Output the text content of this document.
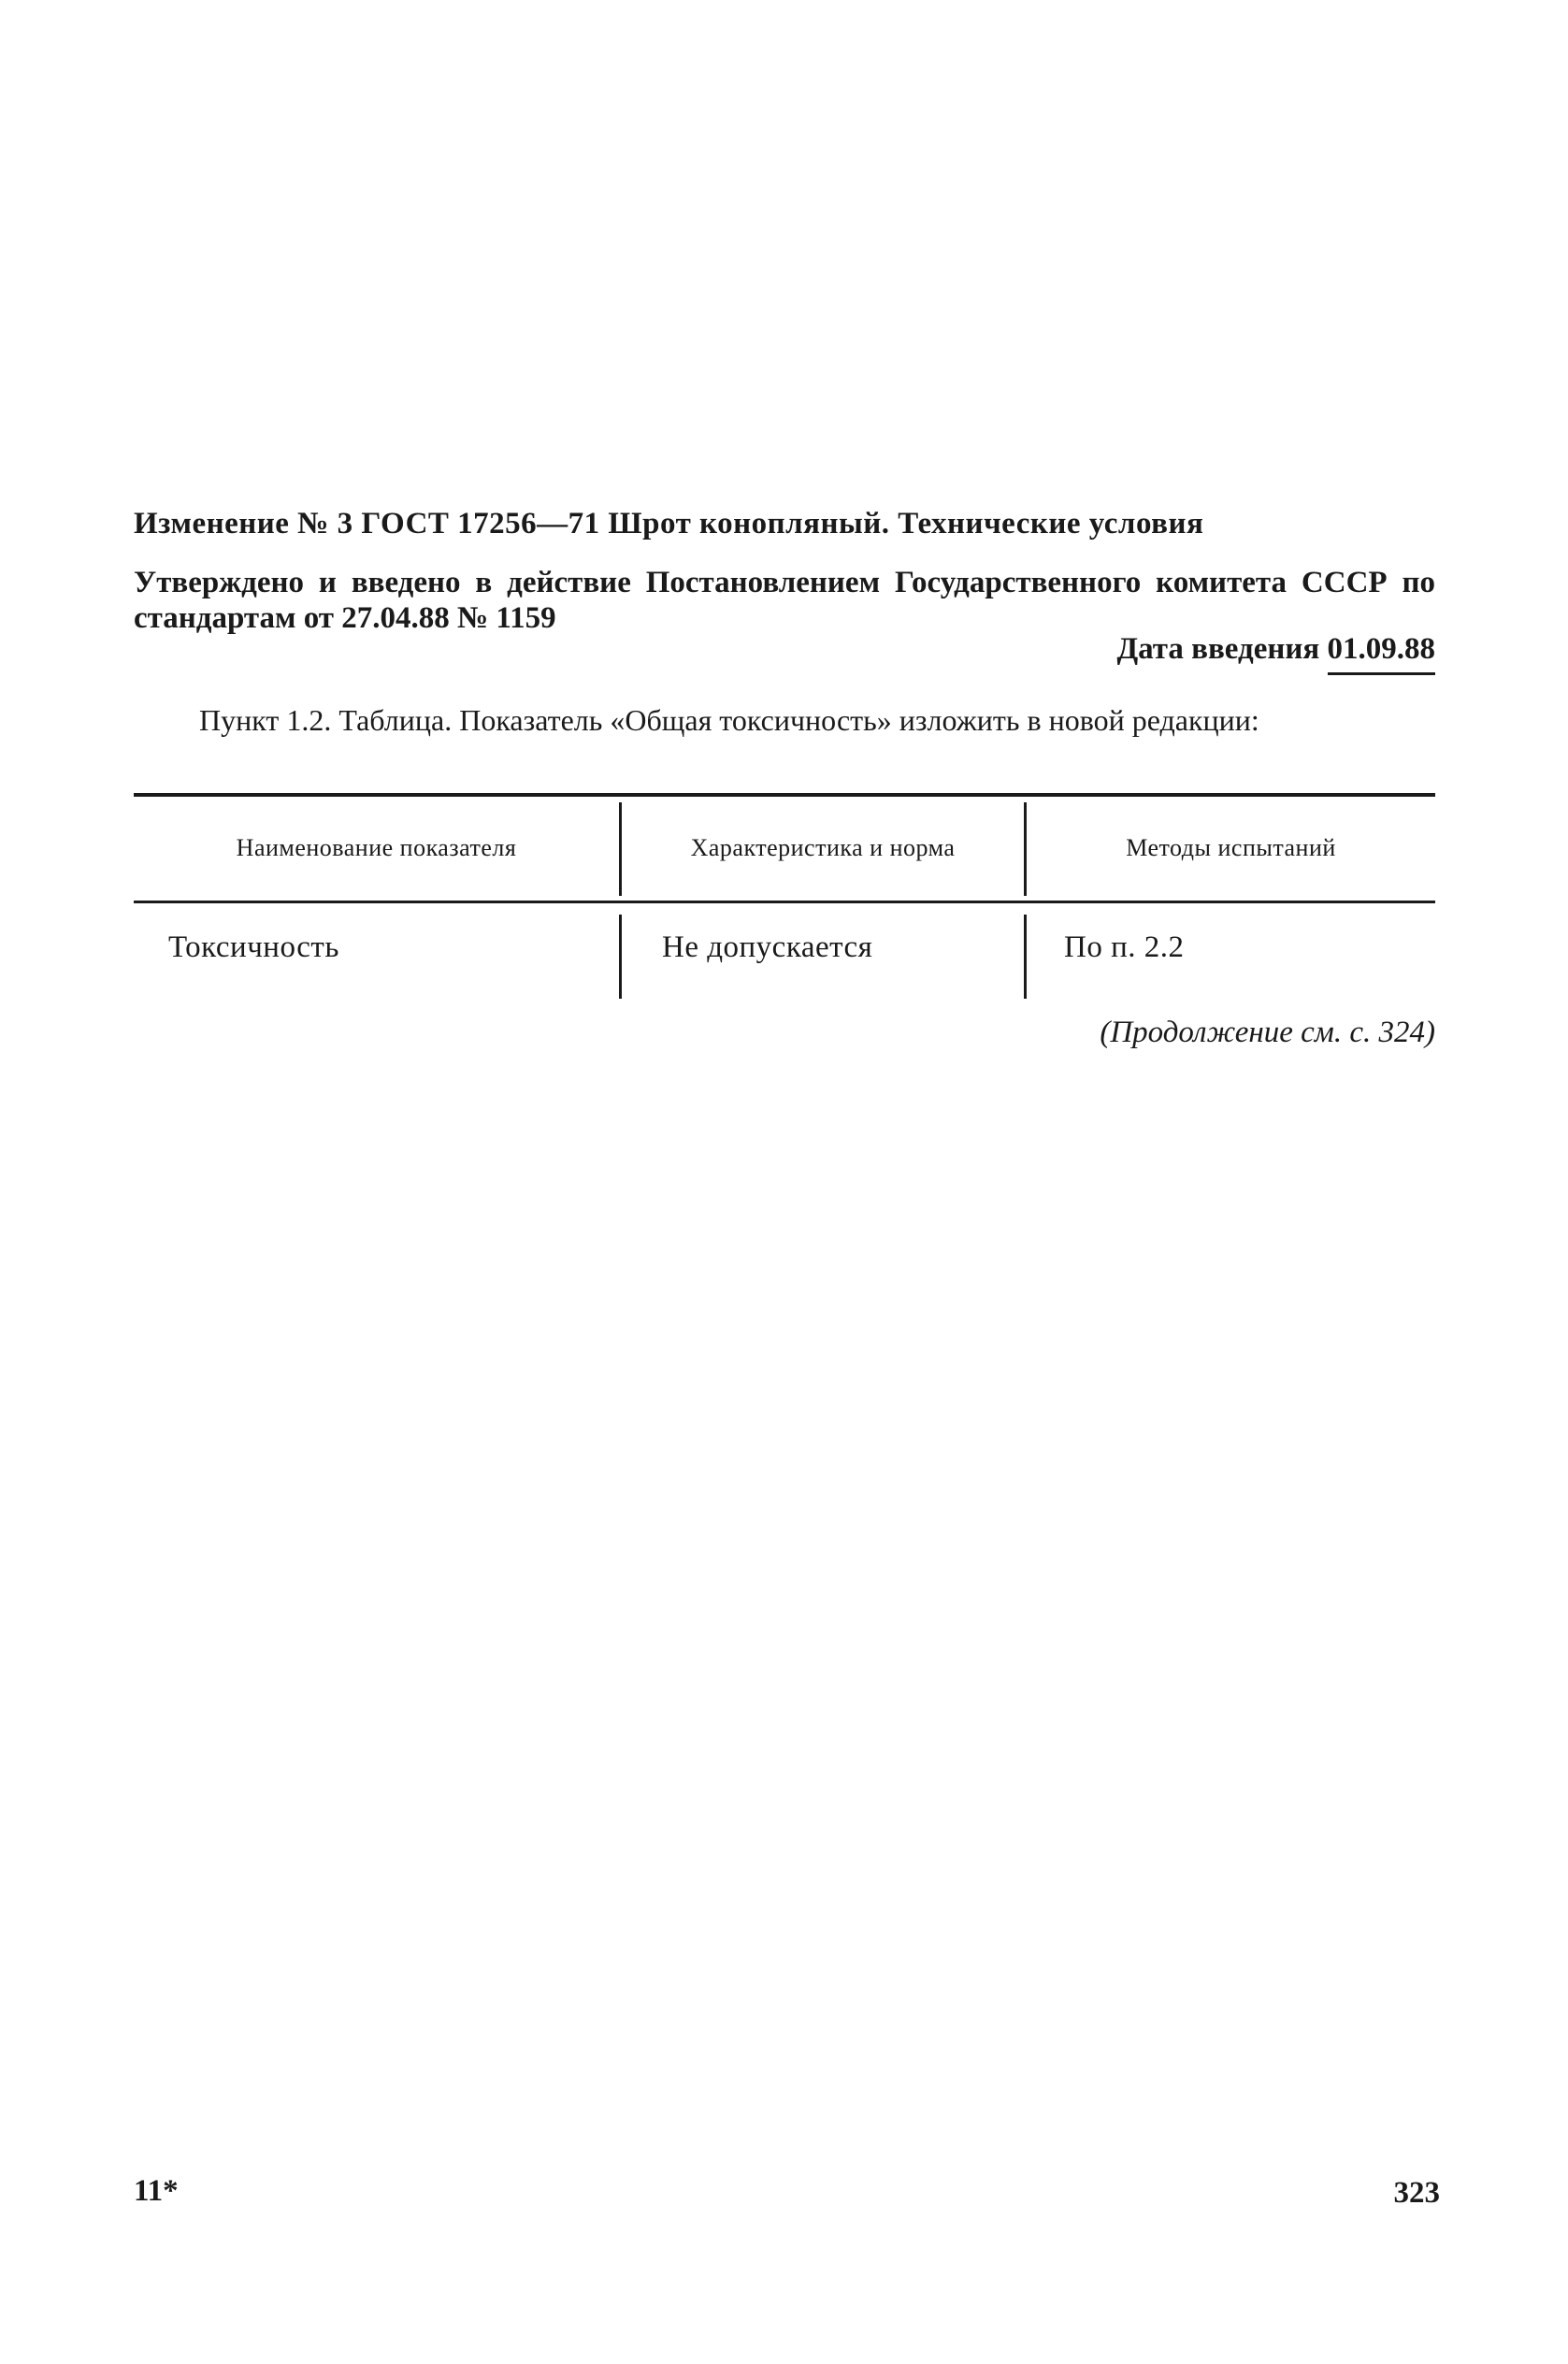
Изменение № 3 ГОСТ 17256—71 Шрот конопляный. Технические условия
Утверждено и введено в действие Постановлением Государственного комитета СССР по стандартам от 27.04.88 № 1159
Дата введения 01.09.88
Пункт 1.2. Таблица. Показатель «Общая токсичность» изложить в новой редакции:
Наименование показателя	Характеристика и норма	Методы испытаний
Токсичность	Не допускается	По п. 2.2
(Продолжение см. с. 324)
11*	323
